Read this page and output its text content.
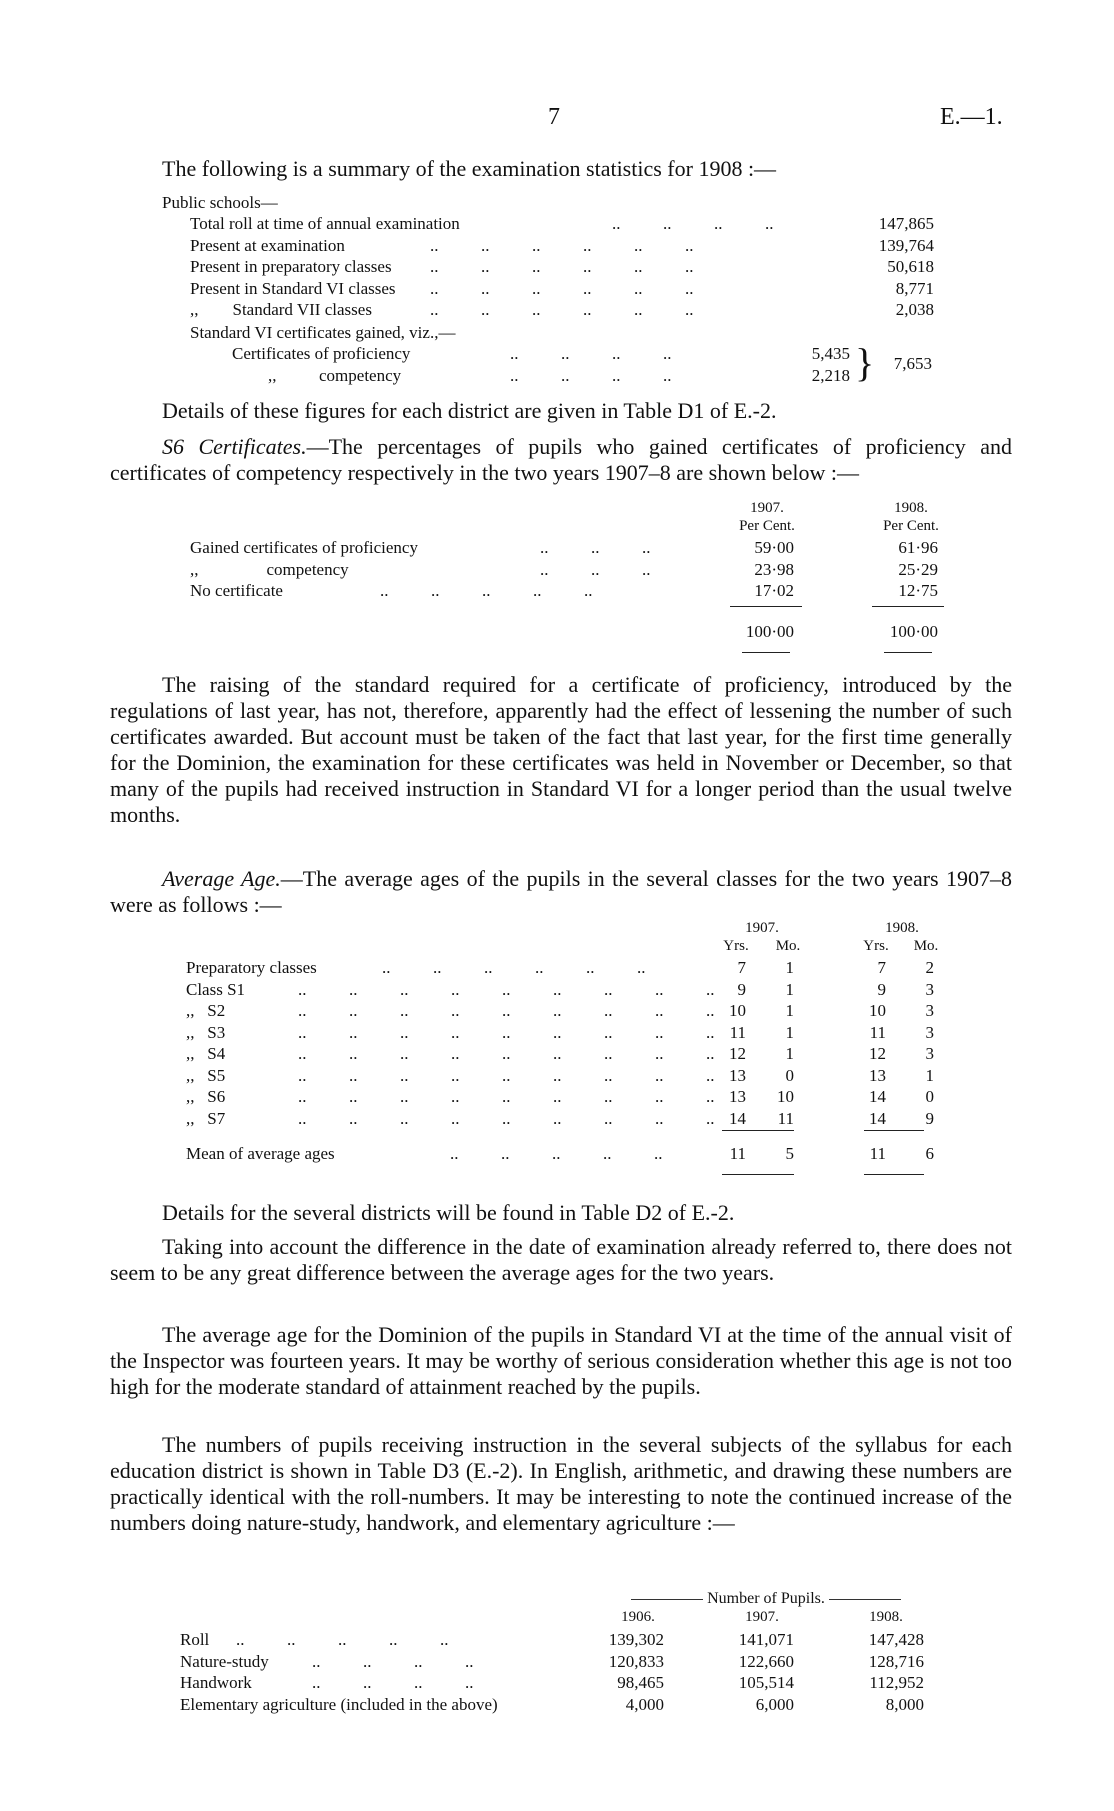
7	E.—1.
The following is a summary of the examination statistics for 1908 :—
Public schools—
Total roll at time of annual examination	..          ..          ..          ..	147,865
Present at examination	..          ..          ..          ..          ..          ..	139,764
Present in preparatory classes ..          ..          ..          ..          ..          ..	50,618
Present in Standard VI classes ..          ..          ..          ..          ..          ..	8,771
,,        Standard VII classes	..          ..          ..          ..          ..          ..	2,038
Standard VI certificates gained, viz.,—
Certificates of proficiency	..          ..          ..          ..	5,435
,,          competency	..          ..          ..          ..	2,218 }	7,653
Details of these figures for each district are given in Table D1 of E.-2.
S6 Certificates.—The percentages of pupils who gained certificates of proficiency and certificates of competency respectively in the two years 1907–8 are shown below :—
1907.	1908.
Per Cent.	Per Cent.
Gained certificates of proficiency	..          ..          ..	59·00	61·96
,,                competency	..          ..          ..	23·98	25·29
No certificate	..          ..          ..          ..          ..	17·02	12·75
100·00	100·00
The raising of the standard required for a certificate of proficiency, introduced by the regulations of last year, has not, therefore, apparently had the effect of lessening the number of such certificates awarded. But account must be taken of the fact that last year, for the first time generally for the Dominion, the examination for these certificates was held in November or December, so that many of the pupils had received instruction in Standard VI for a longer period than the usual twelve months.
Average Age.—The average ages of the pupils in the several classes for the two years 1907–8 were as follows :—
1907.	1908.
Yrs.	Mo.	Yrs.	Mo.
Preparatory classes	..          ..          ..          ..          ..          ..	7	1	7	2
Class S1	..          ..          ..          ..          ..          ..          ..          ..          ..	9	1	9	3
,,   S2	..          ..          ..          ..          ..          ..          ..          ..          .. 10	1	10	3
,,   S3	..          ..          ..          ..          ..          ..          ..          ..          .. 11	1	11	3
,,   S4	..          ..          ..          ..          ..          ..          ..          ..          .. 12	1	12	3
,,   S5	..          ..          ..          ..          ..          ..          ..          ..          .. 13	0	13	1
,,   S6	..          ..          ..          ..          ..          ..          ..          ..          .. 13	10	14	0
,,   S7	..          ..          ..          ..          ..          ..          ..          ..          .. 14	11	14	9
Mean of average ages	..          ..          ..          ..          ..	11	5	11	6
Details for the several districts will be found in Table D2 of E.-2.
Taking into account the difference in the date of examination already referred to, there does not seem to be any great difference between the average ages for the two years.
The average age for the Dominion of the pupils in Standard VI at the time of the annual visit of the Inspector was fourteen years. It may be worthy of serious consideration whether this age is not too high for the moderate standard of attainment reached by the pupils.
The numbers of pupils receiving instruction in the several subjects of the syllabus for each education district is shown in Table D3 (E.-2). In English, arithmetic, and drawing these numbers are practically identical with the roll-numbers. It may be interesting to note the continued increase of the numbers doing nature-study, handwork, and elementary agriculture :—
Number of Pupils.
1906.	1907.	1908.
Roll ..          ..          ..          ..          ..	139,302	141,071	147,428
Nature-study	..          ..          ..          ..	120,833	122,660	128,716
Handwork	..          ..          ..          ..	98,465	105,514	112,952
Elementary agriculture (included in the above)	4,000	6,000	8,000
